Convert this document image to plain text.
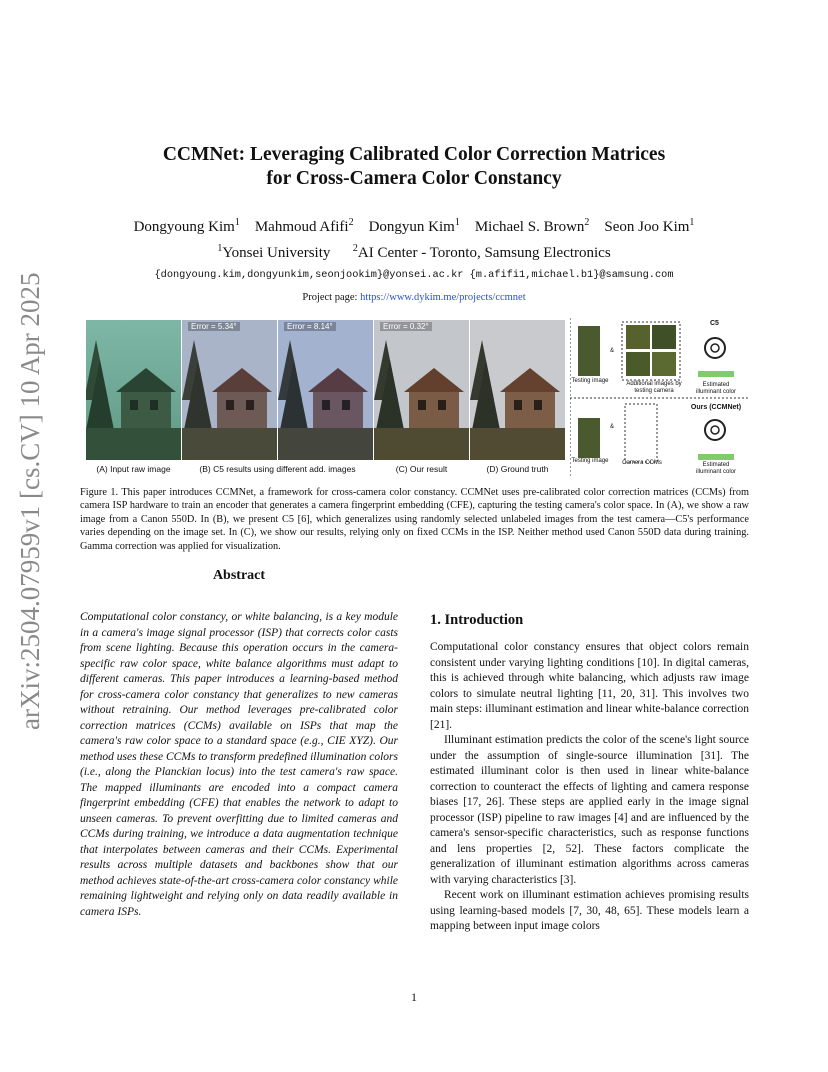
arXiv:2504.07959v1 [cs.CV] 10 Apr 2025
CCMNet: Leveraging Calibrated Color Correction Matrices
for Cross-Camera Color Constancy
Dongyoung Kim$^1$ Mahmoud Afifi$^2$ Dongyun Kim$^1$ Michael S. Brown$^2$ Seon Joo Kim$^1$
$^1$Yonsei University $^2$AI Center - Toronto, Samsung Electronics
{dongyoung.kim,dongyunkim,seonjookim}@yonsei.ac.kr {m.afifi1,michael.b1}@samsung.com
Project page: https://www.dykim.me/projects/ccmnet
Error = 5.34°	Error = 8.14°	Error = 0.32°
(A) Input raw image	(B) C5 results using different add. images	(C) Our result	(D) Ground truth
C5
&
Testing image	Additional images by testing camera
Estimated illuminant color
Ours (CCMNet)
&
Testing image Camera CCMs	Estimated illuminant color
Figure 1. This paper introduces CCMNet, a framework for cross-camera color constancy. CCMNet uses pre-calibrated color correction matrices (CCMs) from camera ISP hardware to train an encoder that generates a camera fingerprint embedding (CFE), capturing the testing camera's color space. In (A), we show a raw image from a Canon 550D. In (B), we present C5 [6], which generalizes using randomly selected unlabeled images from the test camera—C5's performance varies depending on the image set. In (C), we show our results, relying only on fixed CCMs in the ISP. Neither method used Canon 550D data during training. Gamma correction was applied for visualization.
Abstract
Computational color constancy, or white balancing, is a key module in a camera's image signal processor (ISP) that corrects color casts from scene lighting. Because this operation occurs in the camera-specific raw color space, white balance algorithms must adapt to different cameras. This paper introduces a learning-based method for cross-camera color constancy that generalizes to new cameras without retraining. Our method leverages pre-calibrated color correction matrices (CCMs) available on ISPs that map the camera's raw color space to a standard space (e.g., CIE XYZ). Our method uses these CCMs to transform predefined illumination colors (i.e., along the Planckian locus) into the test camera's raw space. The mapped illuminants are encoded into a compact camera fingerprint embedding (CFE) that enables the network to adapt to unseen cameras. To prevent overfitting due to limited cameras and CCMs during training, we introduce a data augmentation technique that interpolates between cameras and their CCMs. Experimental results across multiple datasets and backbones show that our method achieves state-of-the-art cross-camera color constancy while remaining lightweight and relying only on data readily available in camera ISPs.
1. Introduction

Computational color constancy ensures that object colors remain consistent under varying lighting conditions [10]. In digital cameras, this is achieved through white balancing, which adjusts raw image colors to simulate neutral lighting [11, 20, 31]. This involves two main steps: illuminant estimation and linear white-balance correction [21].

Illuminant estimation predicts the color of the scene's light source under the assumption of single-source illumination [31]. The estimated illuminant color is then used in linear white-balance correction to counteract the effects of lighting and camera response biases [17, 26]. These steps are applied early in the image signal processor (ISP) pipeline to raw images [4] and are influenced by the camera's sensor-specific characteristics, such as response functions and lens properties [2, 52]. These factors complicate the generalization of illuminant estimation algorithms across cameras with varying characteristics [3].

Recent work on illuminant estimation achieves promising results using learning-based models [7, 30, 48, 65]. These models learn a mapping between input image colors

1
